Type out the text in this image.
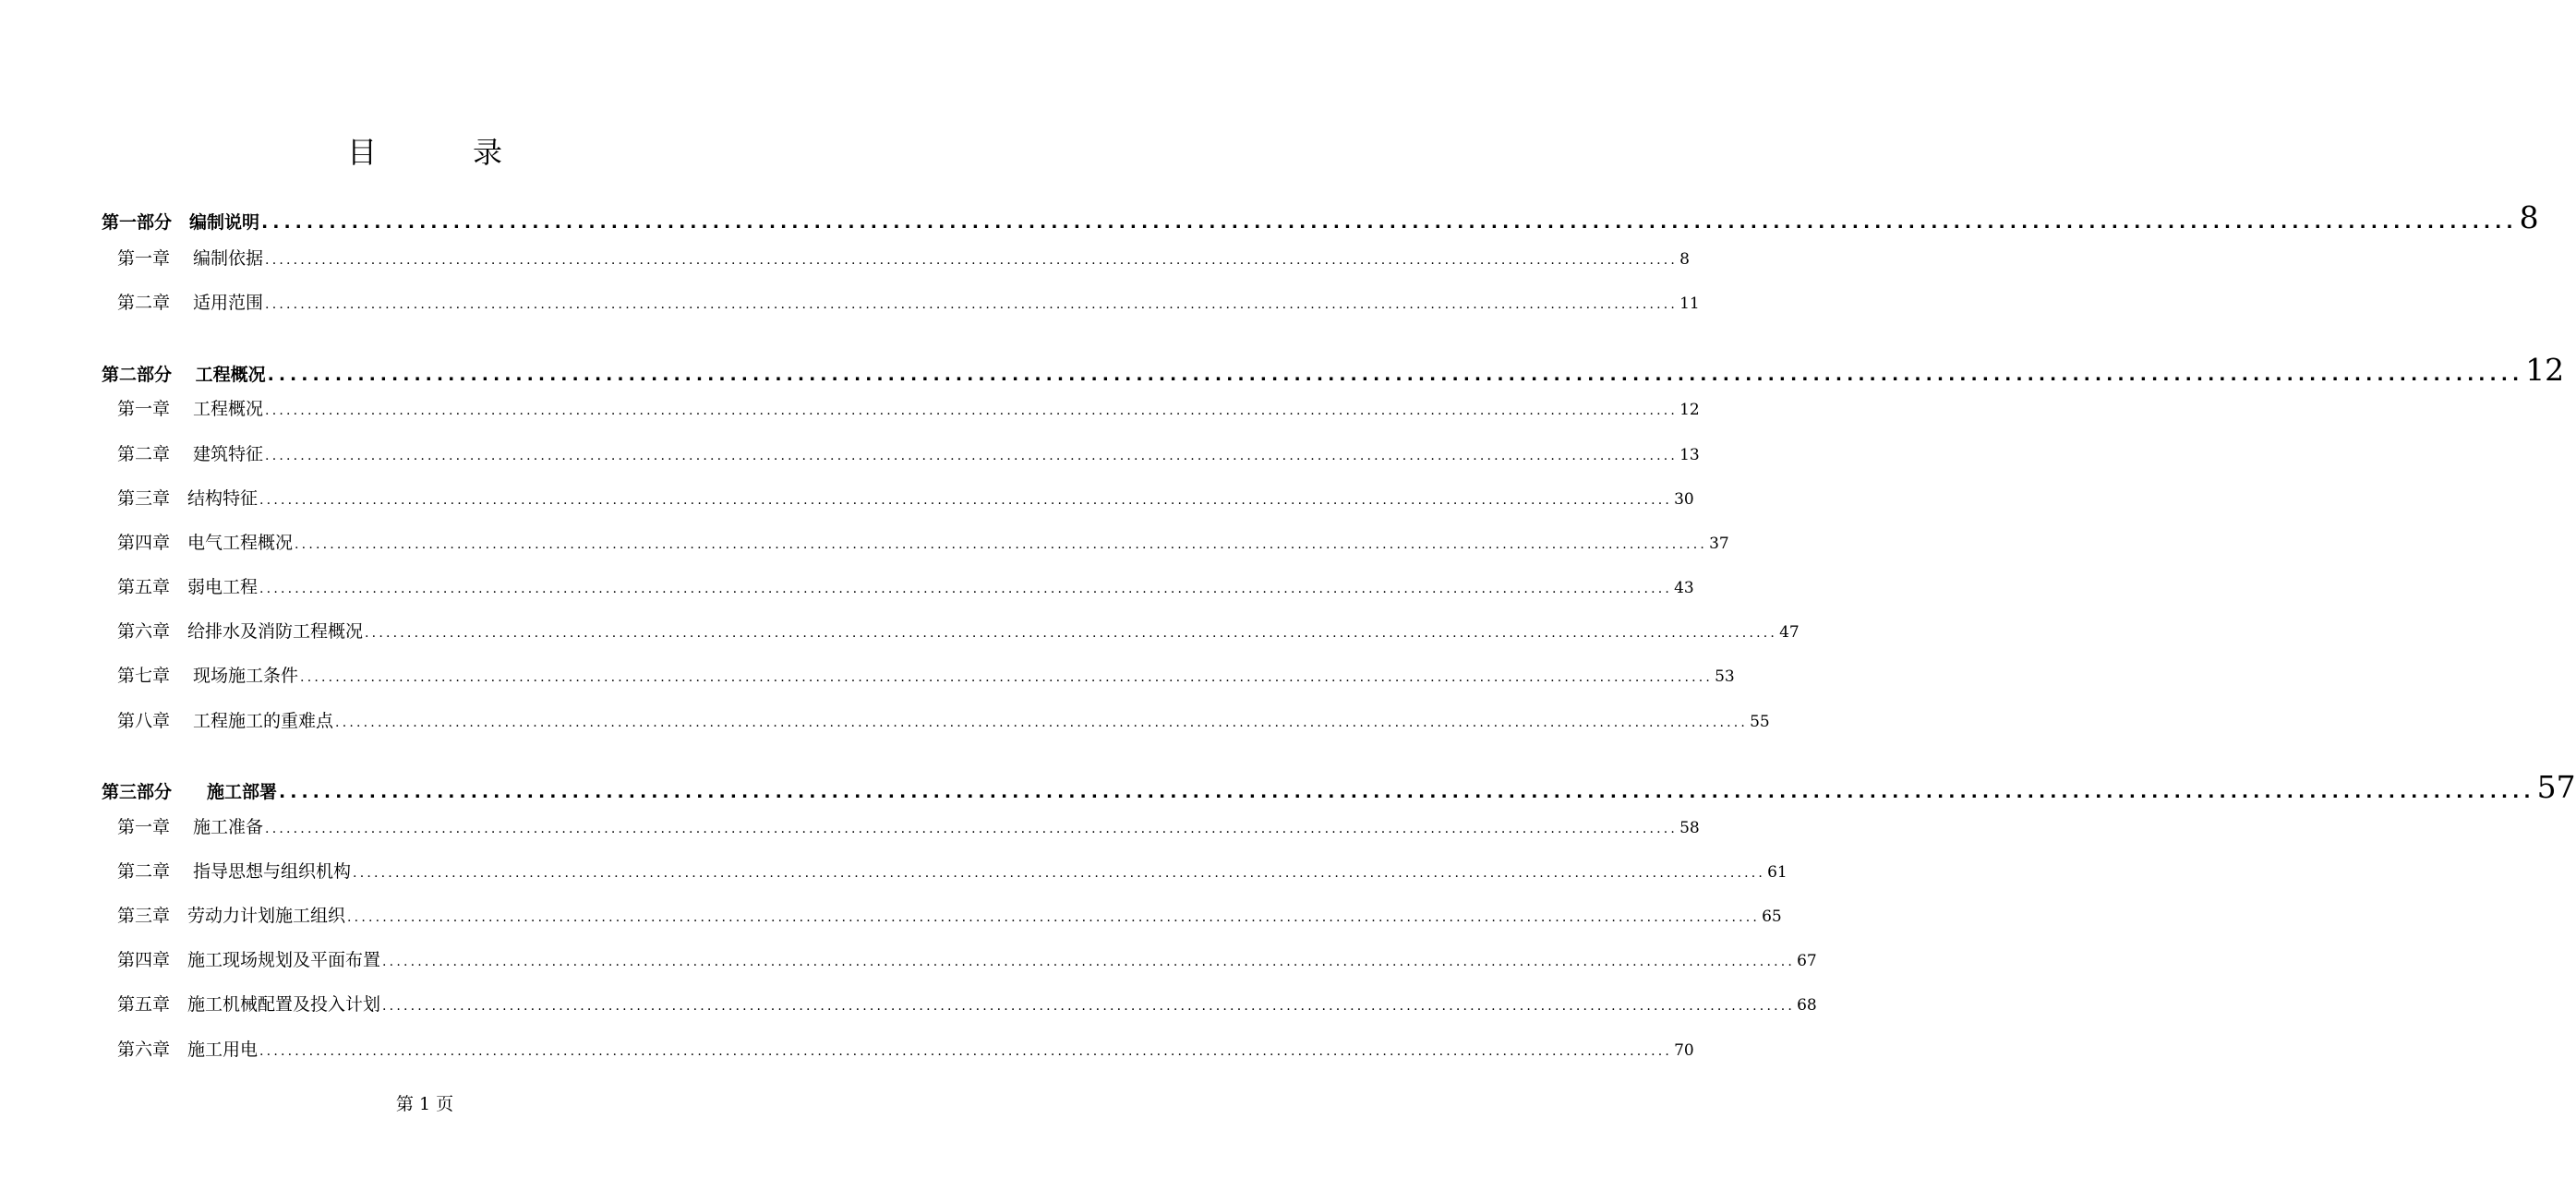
目　录
第一部分　编制说明 ........................................................................................................................................................................................................ 8
第一章　 编制依据 ........................................................................................................................................................................................................ 8
第二章　 适用范围 ........................................................................................................................................................................................................ 11
第二部分　 工程概况 ........................................................................................................................................................................................................ 12
第一章　 工程概况 ........................................................................................................................................................................................................ 12
第二章　 建筑特征 ........................................................................................................................................................................................................ 13
第三章　结构特征 ........................................................................................................................................................................................................ 30
第四章　电气工程概况 ........................................................................................................................................................................................................ 37
第五章　弱电工程 ........................................................................................................................................................................................................ 43
第六章　给排水及消防工程概况 ........................................................................................................................................................................................................ 47
第七章　 现场施工条件 ........................................................................................................................................................................................................ 53
第八章　 工程施工的重难点 ........................................................................................................................................................................................................ 55
第三部分　　施工部署 ........................................................................................................................................................................................................ 57
第一章　 施工准备 ........................................................................................................................................................................................................ 58
第二章　 指导思想与组织机构 ........................................................................................................................................................................................................ 61
第三章　劳动力计划施工组织 ........................................................................................................................................................................................................ 65
第四章　施工现场规划及平面布置 ........................................................................................................................................................................................................ 67
第五章　施工机械配置及投入计划 ........................................................................................................................................................................................................ 68
第六章　施工用电 ........................................................................................................................................................................................................ 70
第 1 页
